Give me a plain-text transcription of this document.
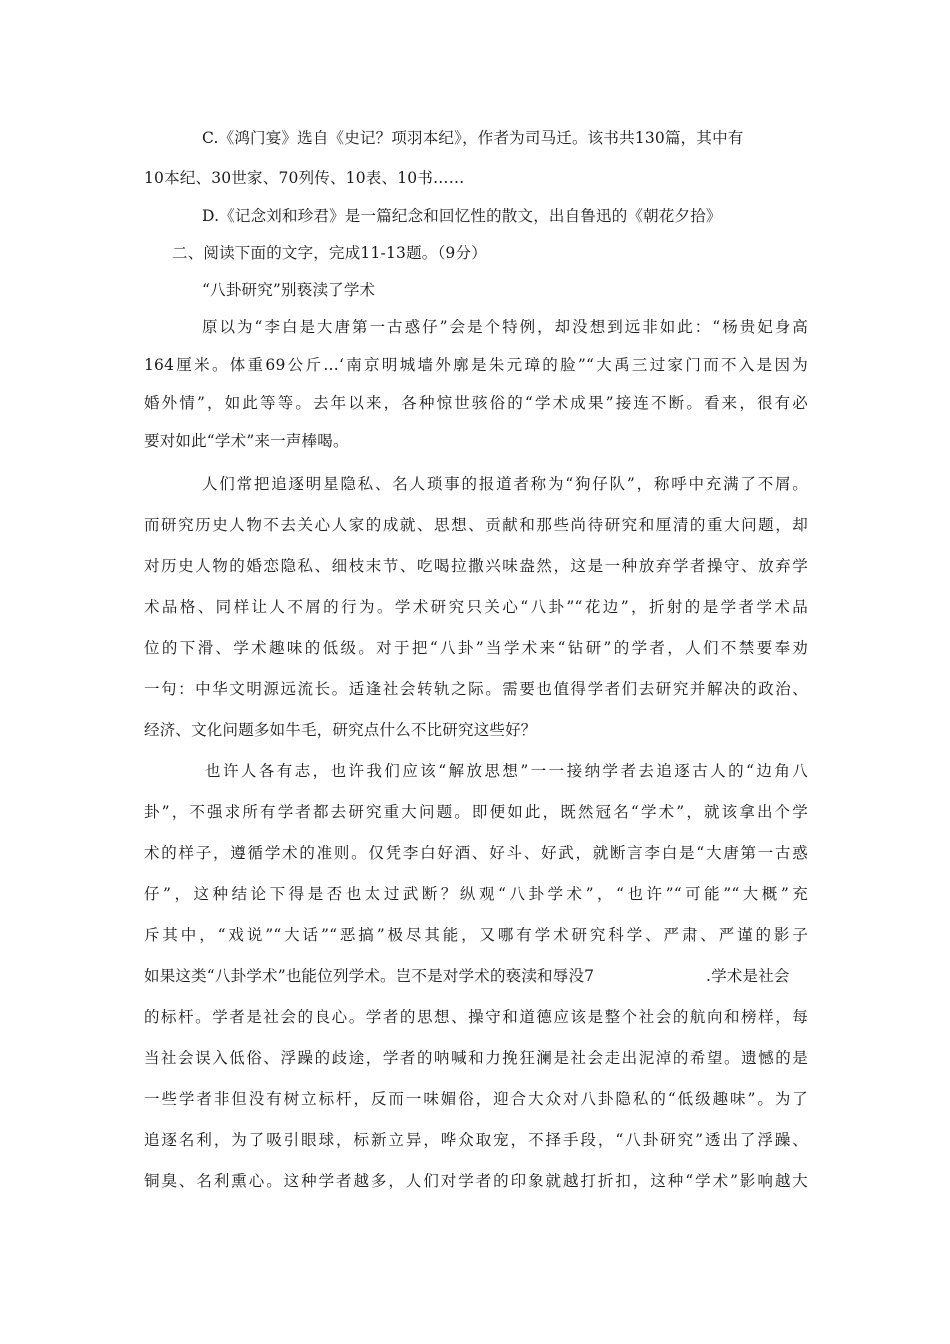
C.《鸿门宴》选自《史记？项羽本纪》，作者为司马迁。该书共130篇，其中有
10本纪、30世家、70列传、10表、10书……
D.《记念刘和珍君》是一篇纪念和回忆性的散文，出自鲁迅的《朝花夕拾》
二、阅读下面的文字，完成11-13题。（9分）
“八卦研究”别亵渎了学术
原以为“李白是大唐第一古惑仔”会是个特例，却没想到远非如此：“杨贵妃身高
164厘米。体重69公斤…‘南京明城墙外廓是朱元璋的脸”“大禹三过家门而不入是因为
婚外情”，如此等等。去年以来，各种惊世骇俗的“学术成果”接连不断。看来，很有必
要对如此“学术”来一声棒喝。
人们常把追逐明星隐私、名人琐事的报道者称为“狗仔队”，称呼中充满了不屑。
而研究历史人物不去关心人家的成就、思想、贡献和那些尚待研究和厘清的重大问题，却
对历史人物的婚恋隐私、细枝末节、吃喝拉撒兴味盎然，这是一种放弃学者操守、放弃学
术品格、同样让人不屑的行为。学术研究只关心“八卦”“花边”，折射的是学者学术品
位的下滑、学术趣味的低级。对于把“八卦”当学术来“钻研”的学者，人们不禁要奉劝
一句：中华文明源远流长。适逢社会转轨之际。需要也值得学者们去研究并解决的政治、
经济、文化问题多如牛毛，研究点什么不比研究这些好？
也许人各有志，也许我们应该“解放思想”一一接纳学者去追逐古人的“边角八
卦”，不强求所有学者都去研究重大问题。即便如此，既然冠名“学术”，就该拿出个学
术的样子，遵循学术的准则。仅凭李白好酒、好斗、好武，就断言李白是“大唐第一古惑
仔”，这种结论下得是否也太过武断？纵观“八卦学术”，“也许”“可能”“大概”充
斥其中，“戏说”“大话”“恶搞”极尽其能，又哪有学术研究科学、严肃、严谨的影子
如果这类“八卦学术”也能位列学术。岂不是对学术的亵渎和辱没7	.学术是社会
的标杆。学者是社会的良心。学者的思想、操守和道德应该是整个社会的航向和榜样，每
当社会误入低俗、浮躁的歧途，学者的呐喊和力挽狂澜是社会走出泥淖的希望。遗憾的是
一些学者非但没有树立标杆，反而一味媚俗，迎合大众对八卦隐私的“低级趣味”。为了
追逐名利，为了吸引眼球，标新立异，哗众取宠，不择手段，“八卦研究”透出了浮躁、
铜臭、名利熏心。这种学者越多，人们对学者的印象就越打折扣，这种“学术”影响越大
